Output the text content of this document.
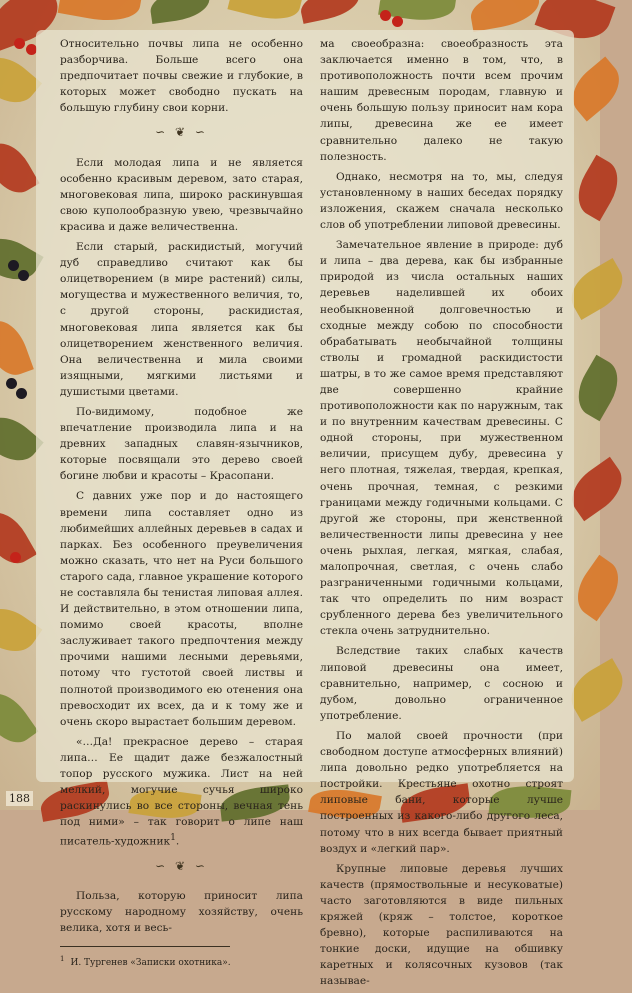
Относительно почвы липа не особенно разборчива. Больше всего она предпочитает почвы свежие и глубокие, в которых может свободно пускать на большую глубину свои корни.

∽ ❦ ∽

Если молодая липа и не является особенно красивым деревом, зато старая, многовековая липа, широко раскинувшая свою куполообразную увею, чрезвычайно красива и даже величественна.

Если старый, раскидистый, могучий дуб справедливо считают как бы олицетворением (в мире растений) силы, могущества и мужественного величия, то, с другой стороны, раскидистая, многовековая липа является как бы олицетворением женственного величия. Она величественна и мила своими изящными, мягкими листьями и душистыми цветами.

По-видимому, подобное же впечатление производила липа и на древних западных славян-язычников, которые посвящали это дерево своей богине любви и красоты – Красопани.

С давних уже пор и до настоящего времени липа составляет одно из любимейших аллейных деревьев в садах и парках. Без особенного преувеличения можно сказать, что нет на Руси большого старого сада, главное украшение которого не составляла бы тенистая липовая аллея. И действительно, в этом отношении липа, помимо своей красоты, вполне заслуживает такого предпочтения между прочими нашими лесными деревьями, потому что густотой своей листвы и полнотой производимого ею отенения она превосходит их всех, да и к тому же и очень скоро вырастает большим деревом.

«…Да! прекрасное дерево – старая липа… Ее щадит даже безжалостный топор русского мужика. Лист на ней мелкий, могучие сучья широко раскинулись во все стороны, вечная тень под ними» – так говорит о липе наш писатель-художник$^1$.

∽ ❦ ∽

Польза, которую приносит липа русскому народному хозяйству, очень велика, хотя и весь-

$^1$ И. Тургенев «Записки охотника».

ма своеобразна: своеобразность эта заключается именно в том, что, в противоположность почти всем прочим нашим древесным породам, главную и очень большую пользу приносит нам кора липы, древесина же ее имеет сравнительно далеко не такую полезность.

Однако, несмотря на то, мы, следуя установленному в наших беседах порядку изложения, скажем сначала несколько слов об употреблении липовой древесины.

Замечательное явление в природе: дуб и липа – два дерева, как бы избранные природой из числа остальных наших деревьев наделившей их обоих необыкновенной долговечностью и сходные между собою по способности обрабатывать необычайной толщины стволы и громадной раскидистости шатры, в то же самое время представляют две совершенно крайние противоположности как по наружным, так и по внутренним качествам древесины. С одной стороны, при мужественном величии, присущем дубу, древесина у него плотная, тяжелая, твердая, крепкая, очень прочная, темная, с резкими границами между годичными кольцами. С другой же стороны, при женственной величественности липы древесина у нее очень рыхлая, легкая, мягкая, слабая, малопрочная, светлая, с очень слабо разграниченными годичными кольцами, так что определить по ним возраст срубленного дерева без увеличительного стекла очень затруднительно.

Вследствие таких слабых качеств липовой древесины она имеет, сравнительно, например, с сосною и дубом, довольно ограниченное употребление.

По малой своей прочности (при свободном доступе атмосферных влияний) липа довольно редко употребляется на постройки. Крестьяне охотно строят липовые бани, которые лучше построенных из какого-либо другого леса, потому что в них всегда бывает приятный воздух и «легкий пар».

Крупные липовые деревья лучших качеств (прямоствольные и несуковатые) часто заготовляются в виде пильных кряжей (кряж – толстое, короткое бревно), которые распиливаются на тонкие доски, идущие на обшивку каретных и колясочных кузовов (так называе-

188
